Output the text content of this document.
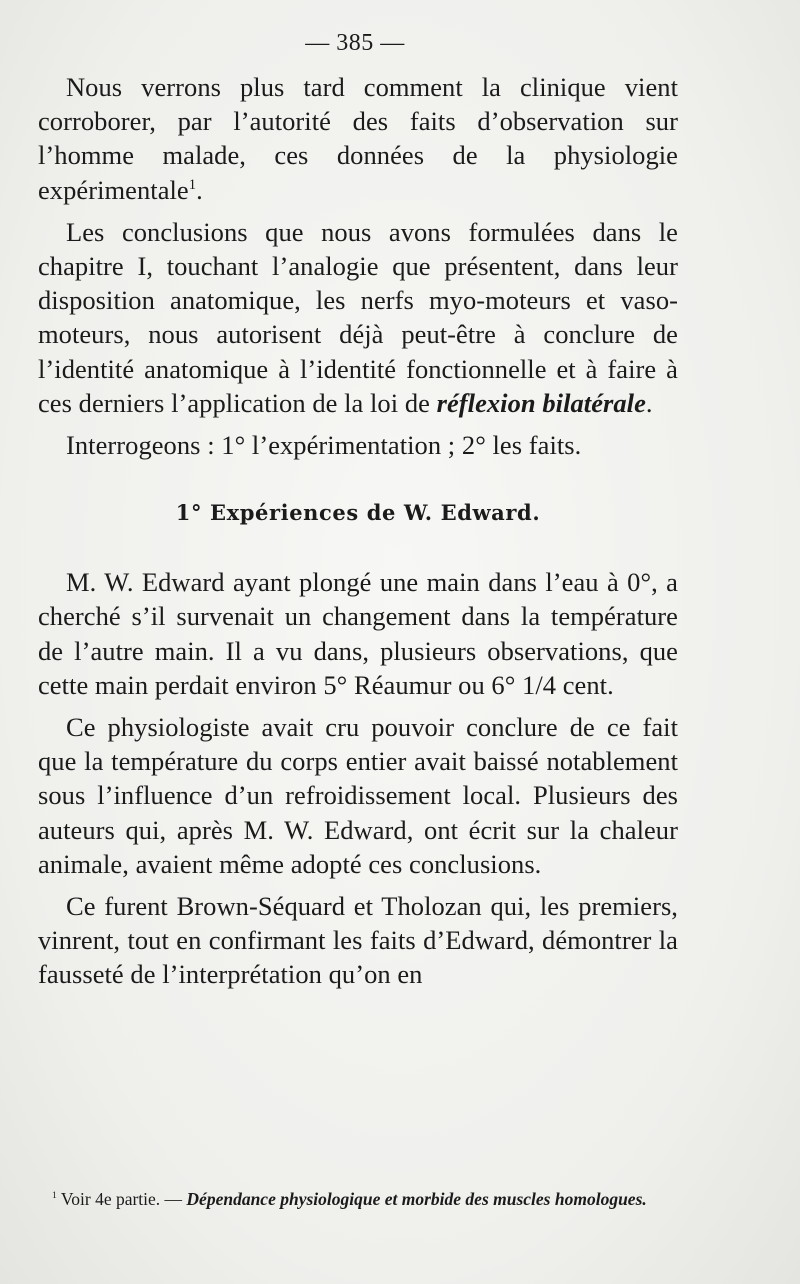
— 385 —

Nous verrons plus tard comment la clinique vient corroborer, par l’autorité des faits d’observation sur l’homme malade, ces données de la physiologie expérimentale$^1$.

Les conclusions que nous avons formulées dans le chapitre I, touchant l’analogie que présentent, dans leur disposition anatomique, les nerfs myo-moteurs et vaso-moteurs, nous autorisent déjà peut-être à conclure de l’identité anatomique à l’identité fonctionnelle et à faire à ces derniers l’application de la loi de réflexion bilatérale.

Interrogeons : 1° l’expérimentation ; 2° les faits.

1° Expériences de W. Edward.

M. W. Edward ayant plongé une main dans l’eau à 0°, a cherché s’il survenait un changement dans la température de l’autre main. Il a vu dans, plusieurs observations, que cette main perdait environ 5° Réaumur ou 6° 1/4 cent.

Ce physiologiste avait cru pouvoir conclure de ce fait que la température du corps entier avait baissé notablement sous l’influence d’un refroidissement local. Plusieurs des auteurs qui, après M. W. Edward, ont écrit sur la chaleur animale, avaient même adopté ces conclusions.

Ce furent Brown-Séquard et Tholozan qui, les premiers, vinrent, tout en confirmant les faits d’Edward, démontrer la fausseté de l’interprétation qu’on en

$^1$ Voir 4e partie. — Dépendance physiologique et morbide des muscles homologues.
